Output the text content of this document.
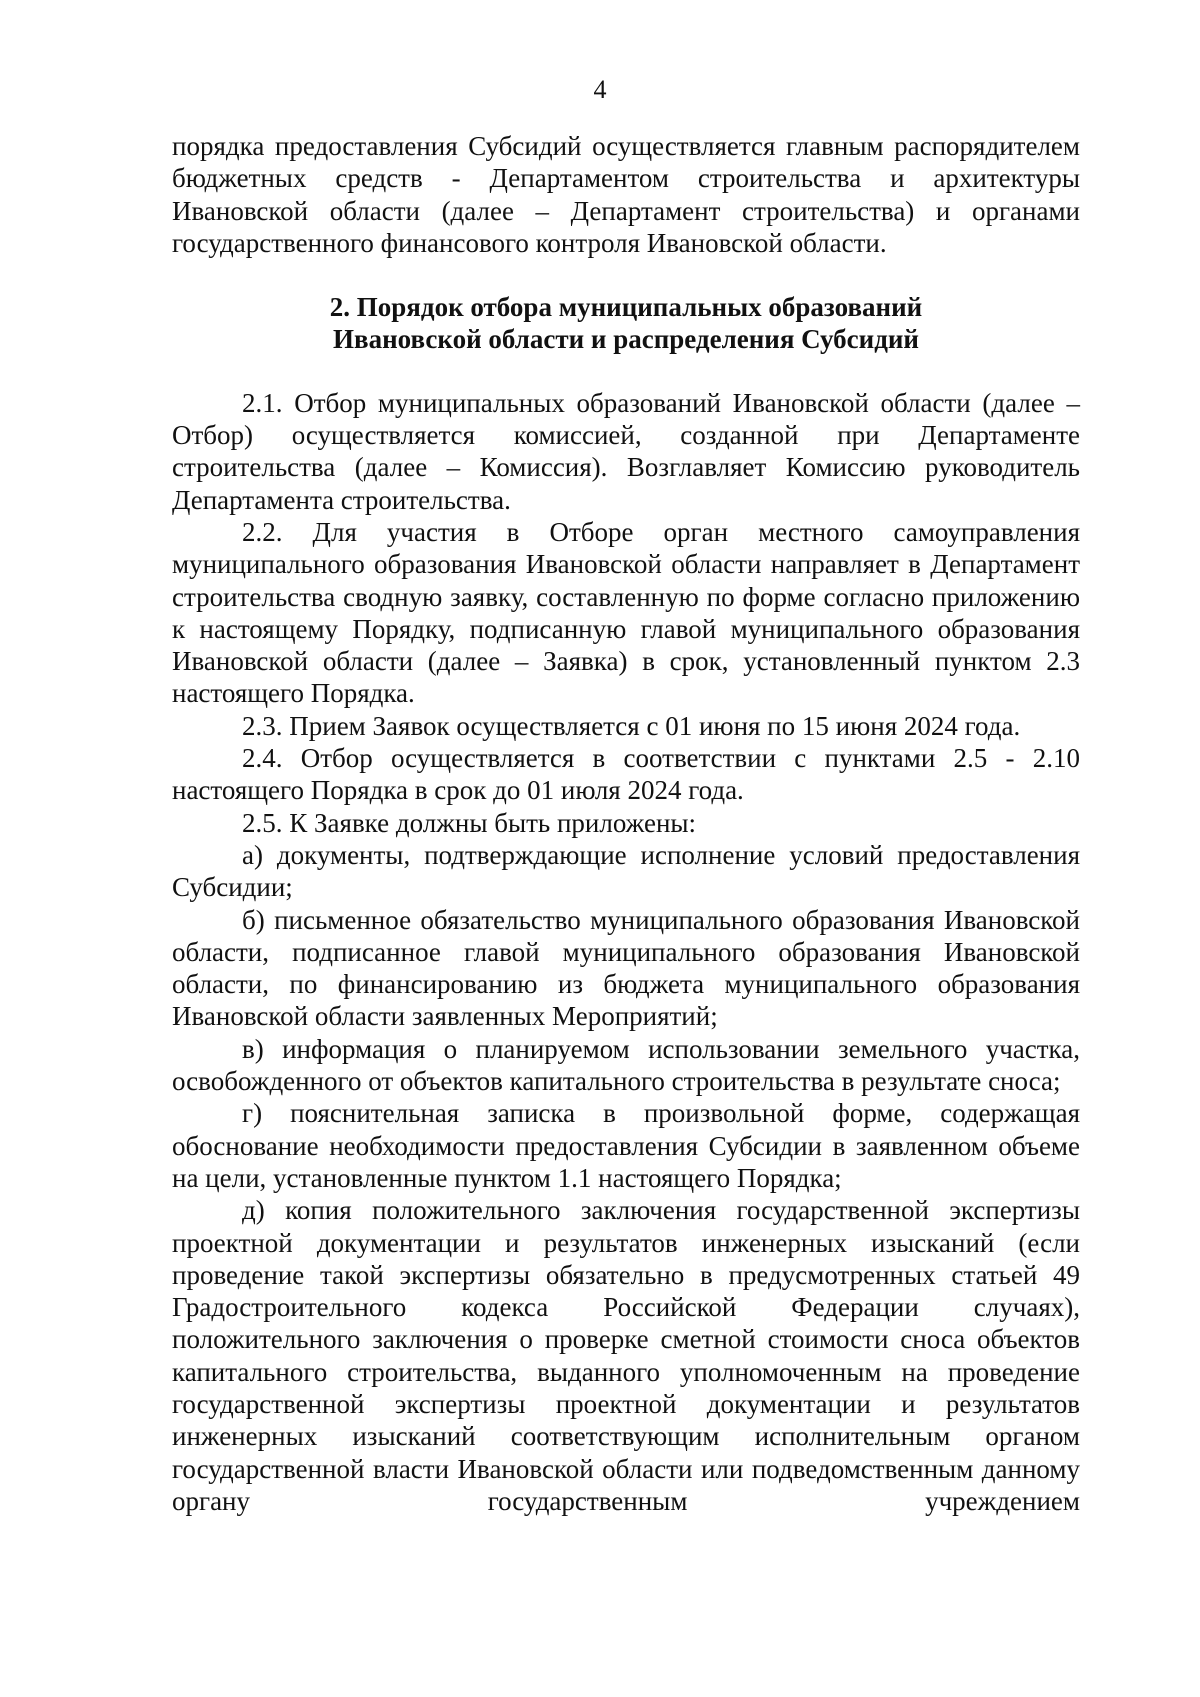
4

порядка предоставления Субсидий осуществляется главным распорядителем бюджетных средств - Департаментом строительства и архитектуры Ивановской области (далее – Департамент строительства) и органами государственного финансового контроля Ивановской области.

2. Порядок отбора муниципальных образований
Ивановской области и распределения Субсидий

2.1. Отбор муниципальных образований Ивановской области (далее – Отбор) осуществляется комиссией, созданной при Департаменте строительства (далее – Комиссия). Возглавляет Комиссию руководитель Департамента строительства.

2.2. Для участия в Отборе орган местного самоуправления муниципального образования Ивановской области направляет в Департамент строительства сводную заявку, составленную по форме согласно приложению к настоящему Порядку, подписанную главой муниципального образования Ивановской области (далее – Заявка) в срок, установленный пунктом 2.3 настоящего Порядка.

2.3. Прием Заявок осуществляется с 01 июня по 15 июня 2024 года.

2.4. Отбор осуществляется в соответствии с пунктами 2.5 - 2.10 настоящего Порядка в срок до 01 июля 2024 года.

2.5. К Заявке должны быть приложены:

а) документы, подтверждающие исполнение условий предоставления Субсидии;

б) письменное обязательство муниципального образования Ивановской области, подписанное главой муниципального образования Ивановской области, по финансированию из бюджета муниципального образования Ивановской области заявленных Мероприятий;

в) информация о планируемом использовании земельного участка, освобожденного от объектов капитального строительства в результате сноса;

г) пояснительная записка в произвольной форме, содержащая обоснование необходимости предоставления Субсидии в заявленном объеме на цели, установленные пунктом 1.1 настоящего Порядка;

д) копия положительного заключения государственной экспертизы проектной документации и результатов инженерных изысканий (если проведение такой экспертизы обязательно в предусмотренных статьей 49 Градостроительного кодекса Российской Федерации случаях), положительного заключения о проверке сметной стоимости сноса объектов капитального строительства, выданного уполномоченным на проведение государственной экспертизы проектной документации и результатов инженерных изысканий соответствующим исполнительным органом государственной власти Ивановской области или подведомственным данному органу государственным учреждением
